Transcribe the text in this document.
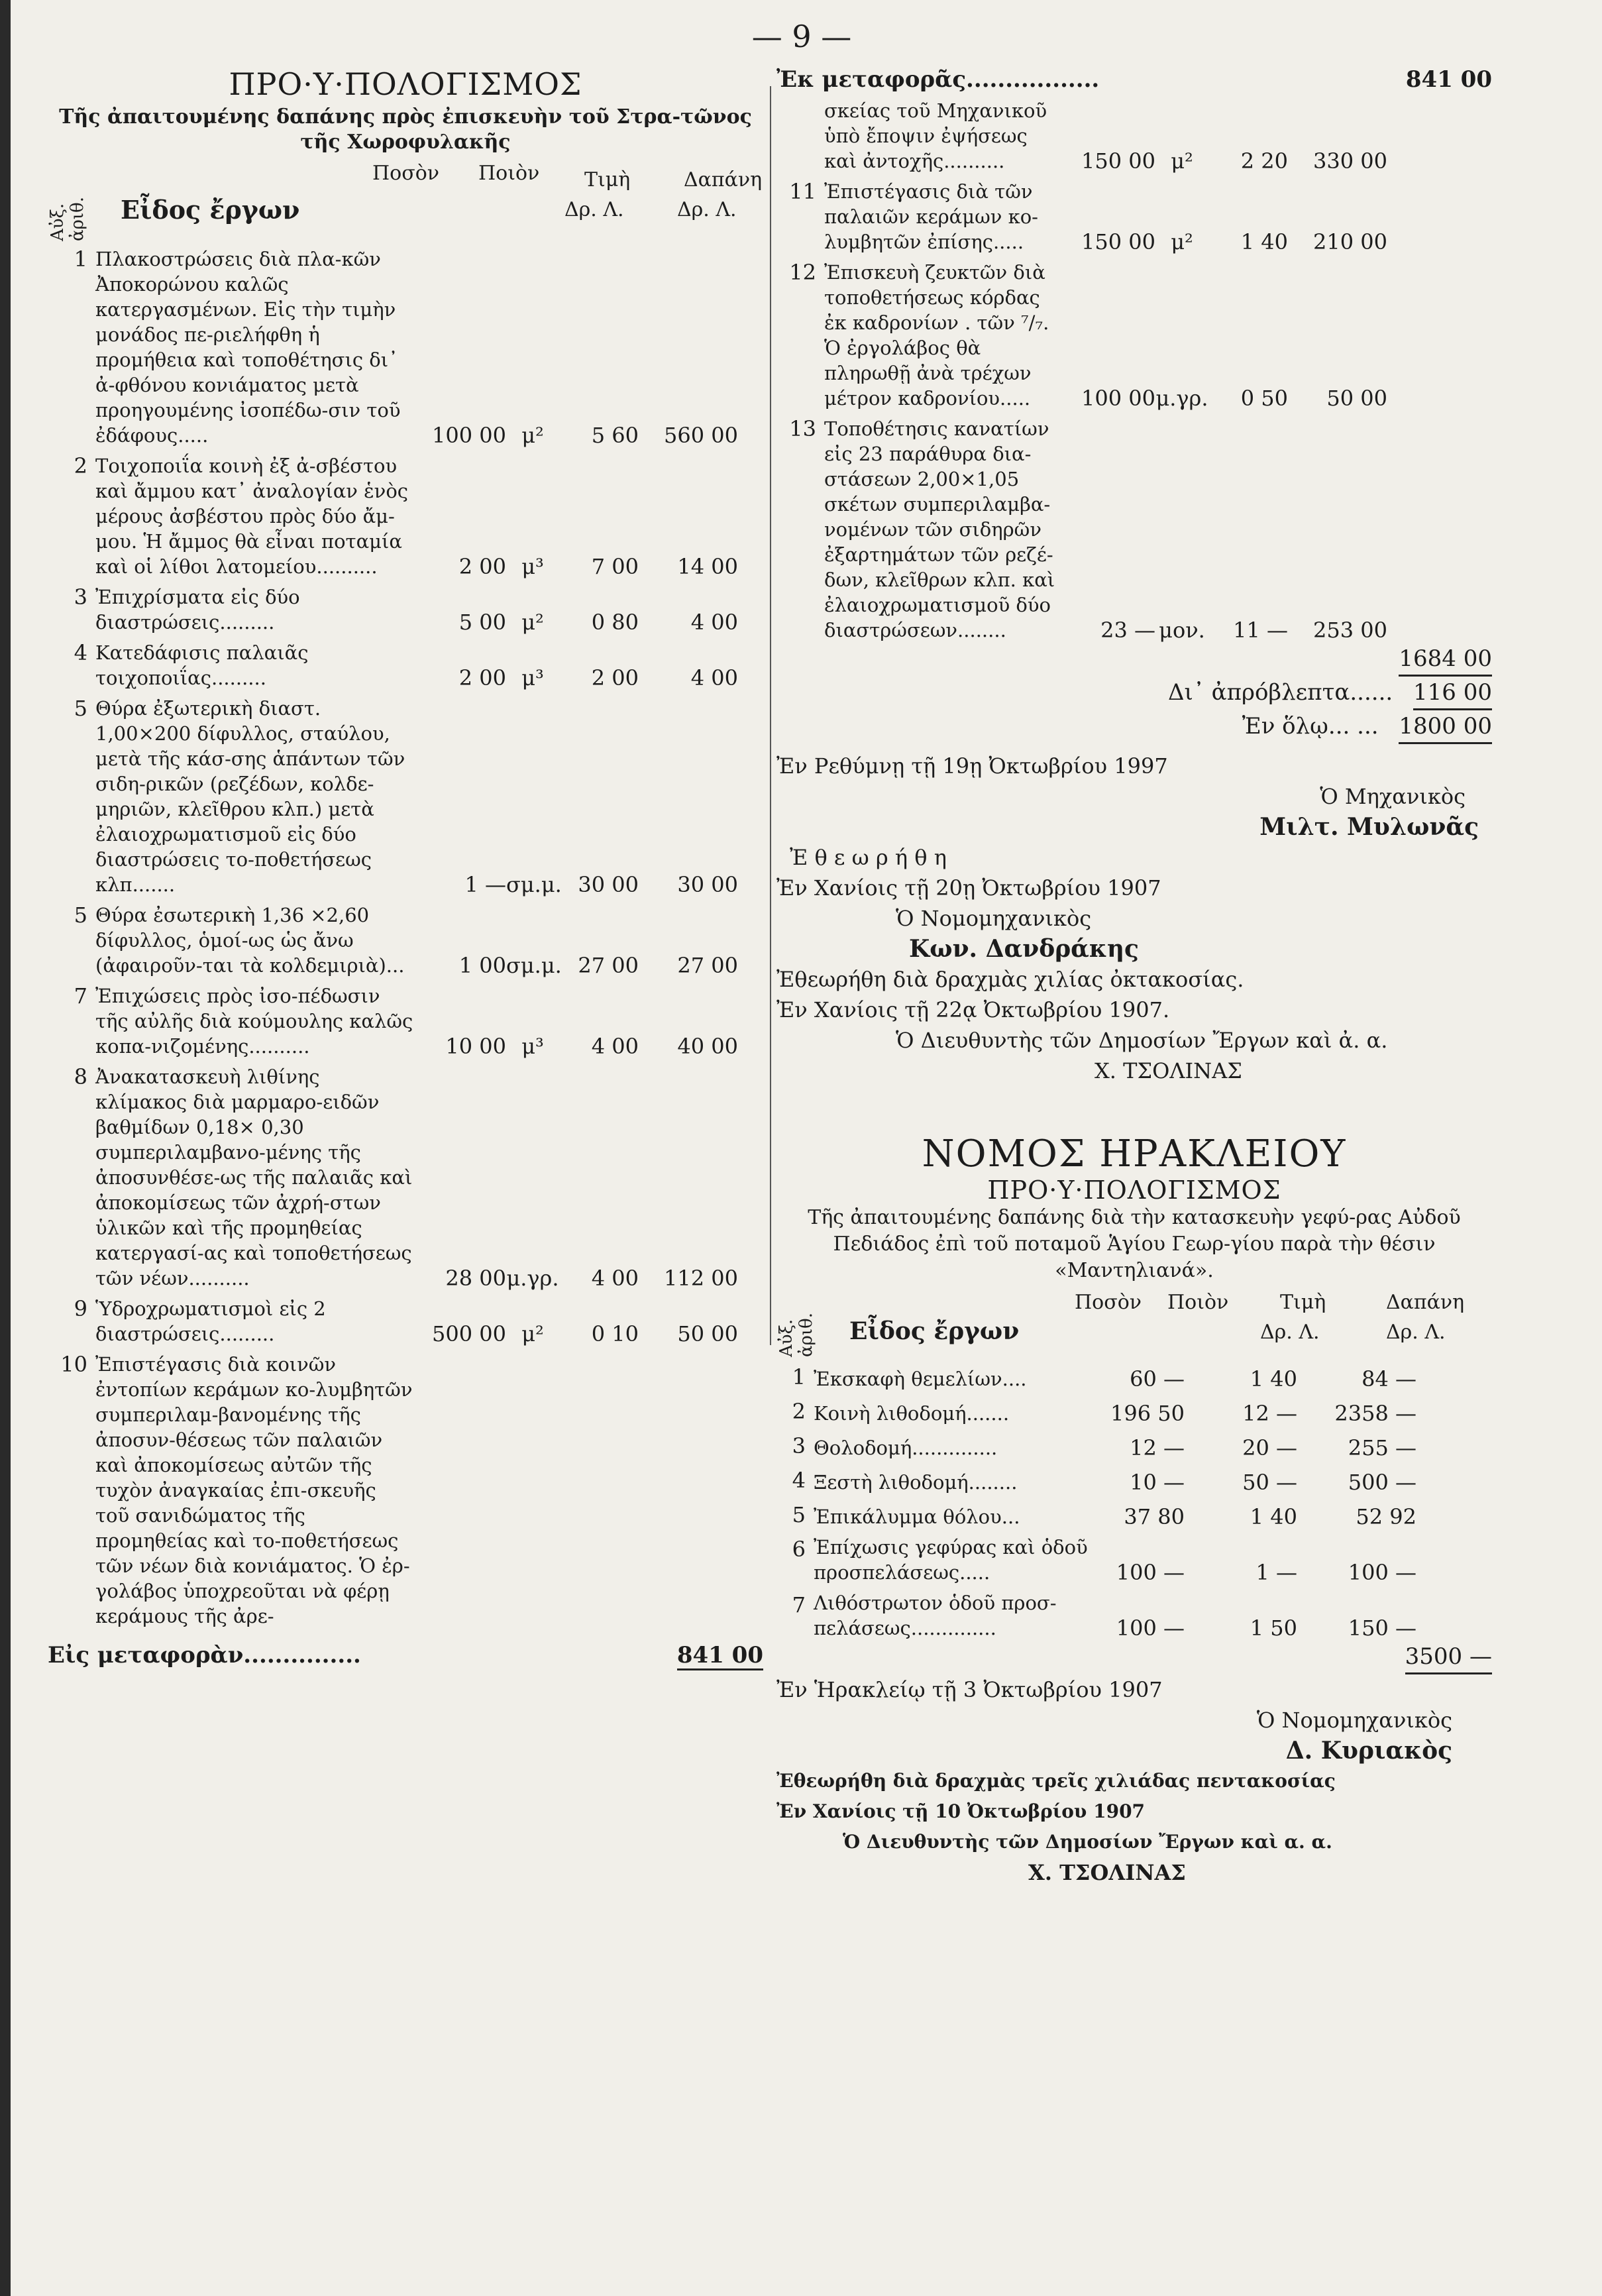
— 9 —
ΠΡΟ·Υ·ΠΟΛΟΓΙΣΜΟΣ
Τῆς ἀπαιτουμένης δαπάνης πρὸς ἐπισκευὴν τοῦ Στρα-τῶνος τῆς Χωροφυλακῆς
Αὐξ. ἀριθ. Εἶδος ἔργων
Ποσὸν Ποιὸν Τιμὴ
Δρ. Λ.
Δαπάνη
Δρ. Λ.
1 Πλακοστρώσεις διὰ πλα-κῶν Ἀποκορώνου καλῶς κατεργασμένων. Εἰς τὴν τιμὴν μονάδος πε-ριελήφθη ἡ προμήθεια καὶ τοποθέτησις δι᾿ ἀ-φθόνου κονιάματος μετὰ προηγουμένης ἰσοπέδω-σιν τοῦ ἐδάφους.....	100 00 μ² 5 60 560 00
2 Τοιχοποιΐα κοινὴ ἐξ ἀ-σβέστου καὶ ἄμμου κατ᾿ ἀναλογίαν ἑνὸς μέρους ἀσβέστου πρὸς δύο ἄμ-μου. Ἡ ἄμμος θὰ εἶναι ποταμία καὶ οἱ λίθοι λατομείου..........	2 00 μ³ 7 00 14 00
3 Ἐπιχρίσματα εἰς δύο διαστρώσεις.........	5 00 μ² 0 80 4 00
4 Κατεδάφισις παλαιᾶς τοιχοποιΐας.........	2 00 μ³ 2 00 4 00
5 Θύρα ἐξωτερικὴ διαστ. 1,00×200 δίφυλλος, σταύλου, μετὰ τῆς κάσ-σης ἁπάντων τῶν σιδη-ρικῶν (ρεζέδων, κολδε-μηριῶν, κλεῖθρου κλπ.) μετὰ ἐλαιοχρωματισμοῦ εἰς δύο διαστρώσεις το-ποθετήσεως κλπ.......	1 —σμ.μ. 30 00 30 00
5 Θύρα ἐσωτερικὴ 1,36 ×2,60 δίφυλλος, ὁμοί-ως ὡς ἄνω (ἀφαιροῦν-ται τὰ κολδεμιριὰ)...	1 00σμ.μ. 27 00 27 00
7 Ἐπιχώσεις πρὸς ἰσο-πέδωσιν τῆς αὐλῆς διὰ κούμουλης καλῶς κοπα-νιζομένης..........	10 00 μ³ 4 00 40 00
8 Ἀνακατασκευὴ λιθίνης κλίμακος διὰ μαρμαρο-ειδῶν βαθμίδων 0,18× 0,30 συμπεριλαμβανο-μένης τῆς ἀποσυνθέσε-ως τῆς παλαιᾶς καὶ ἀποκομίσεως τῶν ἀχρή-στων ὑλικῶν καὶ τῆς προμηθείας κατεργασί-ας καὶ τοποθετήσεως τῶν νέων..........	28 00μ.γρ. 4 00 112 00
9 Ὑδροχρωματισμοὶ εἰς 2 διαστρώσεις.........	500 00 μ² 0 10 50 00
10 Ἐπιστέγασις διὰ κοινῶν ἐντοπίων κεράμων κο-λυμβητῶν συμπεριλαμ-βανομένης τῆς ἀποσυν-θέσεως τῶν παλαιῶν καὶ ἀποκομίσεως αὐτῶν τῆς τυχὸν ἀναγκαίας ἐπι-σκευῆς τοῦ σανιδώματος τῆς προμηθείας καὶ το-ποθετήσεως τῶν νέων διὰ κονιάματος. Ὁ ἐρ-γολάβος ὑποχρεοῦται νὰ φέρῃ κεράμους τῆς ἀρε-
Εἰς μεταφορὰν...............	841 00
Ἐκ μεταφορᾶς.................	841 00
σκείας τοῦ Μηχανικοῦ ὑπὸ ἔποψιν ἐψήσεως καὶ ἀντοχῆς..........	150 00 μ² 2 20 330 00
11 Ἐπιστέγασις διὰ τῶν παλαιῶν κεράμων κο-λυμβητῶν ἐπίσης.....	150 00 μ² 1 40 210 00
12 Ἐπισκευὴ ζευκτῶν διὰ τοποθετήσεως κόρδας ἐκ καδρονίων . τῶν ⁷/₇. Ὁ ἐργολάβος θὰ πληρωθῇ ἀνὰ τρέχων μέτρον καδρονίου.....	100 00μ.γρ. 0 50 50 00
13 Τοποθέτησις κανατίων εἰς 23 παράθυρα δια-στάσεων 2,00×1,05 σκέτων συμπεριλαμβα-νομένων τῶν σιδηρῶν ἐξαρτημάτων τῶν ρεζέ-δων, κλεῖθρων κλπ. καὶ ἐλαιοχρωματισμοῦ δύο διαστρώσεων........	23 — μον. 11 — 253 00
1684 00
Δι᾿ ἀπρόβλεπτα...... 116 00
Ἐν ὅλῳ... ... 1800 00
Ἐν Ρεθύμνῃ τῇ 19ῃ Ὀκτωβρίου 1997
Ὁ Μηχανικὸς
Μιλτ. Μυλωνᾶς
Ἐ θ ε ω ρ ή θ η
Ἐν Χανίοις τῇ 20ῃ Ὀκτωβρίου 1907
Ὁ Νομομηχανικὸς
Κων. Δανδράκης
Ἐθεωρήθη διὰ δραχμὰς χιλίας ὀκτακοσίας.
Ἐν Χανίοις τῇ 22ᾳ Ὀκτωβρίου 1907.
Ὁ Διευθυντὴς τῶν Δημοσίων Ἔργων καὶ ἀ. α.
Χ. ΤΣΟΛΙΝΑΣ
ΝΟΜΟΣ ΗΡΑΚΛΕΙΟΥ
ΠΡΟ·Υ·ΠΟΛΟΓΙΣΜΟΣ
Τῆς ἀπαιτουμένης δαπάνης διὰ τὴν κατασκευὴν γεφύ-ρας Αὐδοῦ Πεδιάδος ἐπὶ τοῦ ποταμοῦ Ἁγίου Γεωρ-γίου παρὰ τὴν θέσιν «Μαντηλιανά».
Αὐξ. ἀριθ. Εἶδος ἔργων
Ποσὸν Ποιὸν	Τιμὴ
Δρ. Λ.
Δαπάνη
Δρ. Λ.
1 Ἐκσκαφὴ θεμελίων....	60 —	1 40	84 —
2 Κοινὴ λιθοδομή.......	196 50	12 — 2358 —
3 Θολοδομή..............	12 —	20 — 255 —
4 Ξεστὴ λιθοδομή........	10 —	50 — 500 —
5 Ἐπικάλυμμα θόλου...	37 80	1 40	52 92
6 Ἐπίχωσις γεφύρας καὶ ὁδοῦ προσπελάσεως.....	100 —	1 — 100 —
7 Λιθόστρωτον ὁδοῦ προσ-πελάσεως..............	100 —	1 50 150 —
3500 —
Ἐν Ἡρακλείῳ τῇ 3 Ὀκτωβρίου 1907
Ὁ Νομομηχανικὸς
Δ. Κυριακὸς
Ἐθεωρήθη διὰ δραχμὰς τρεῖς χιλιάδας πεντακοσίας
Ἐν Χανίοις τῇ 10 Ὀκτωβρίου 1907
Ὁ Διευθυντὴς τῶν Δημοσίων Ἔργων καὶ α. α.
Χ. ΤΣΟΛΙΝΑΣ
